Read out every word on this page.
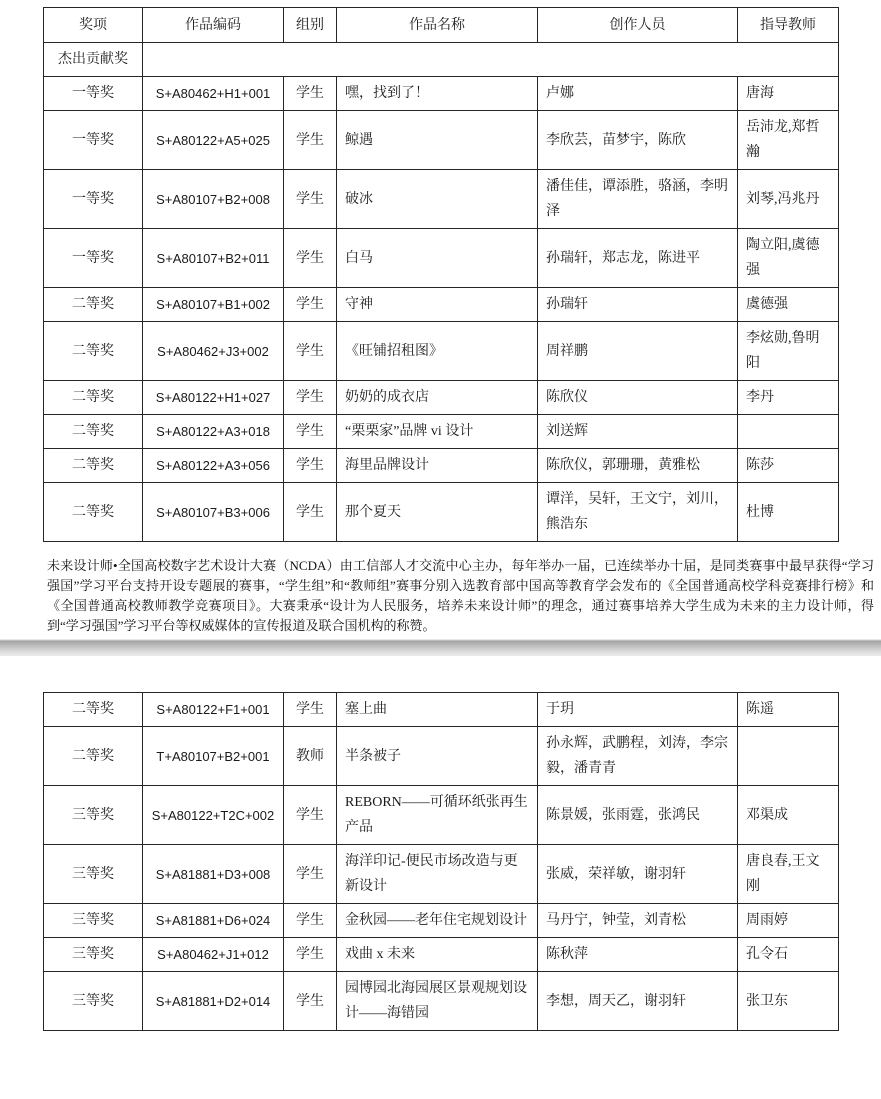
奖项	作品编码	组别	作品名称	创作人员	指导教师
杰出贡献奖					
一等奖	S+A80462+H1+001	学生	嘿，找到了！	卢娜	唐海
一等奖	S+A80122+A5+025	学生	鲸遇	李欣芸，苗梦宇，陈欣	岳沛龙,郑哲瀚
一等奖	S+A80107+B2+008	学生	破冰	潘佳佳，谭添胜，骆涵，李明泽	刘琴,冯兆丹
一等奖	S+A80107+B2+011	学生	白马	孙瑞轩，郑志龙，陈进平	陶立阳,虞德强
二等奖	S+A80107+B1+002	学生	守神	孙瑞轩	虞德强
二等奖	S+A80462+J3+002	学生	《旺铺招租图》	周祥鹏	李炫勋,鲁明阳
二等奖	S+A80122+H1+027	学生	奶奶的成衣店	陈欣仪	李丹
二等奖	S+A80122+A3+018	学生	“栗栗家”品牌 vi 设计	刘送辉	
二等奖	S+A80122+A3+056	学生	海里品牌设计	陈欣仪，郭珊珊，黄雅松	陈莎
二等奖	S+A80107+B3+006	学生	那个夏天	谭洋，吴轩，王文宁，刘川，熊浩东	杜博

未来设计师•全国高校数字艺术设计大赛（NCDA）由工信部人才交流中心主办，每年举办一届，已连续举办十届，是同类赛事中最早获得“学习强国”学习平台支持开设专题展的赛事，“学生组”和“教师组”赛事分别入选教育部中国高等教育学会发布的《全国普通高校学科竞赛排行榜》和《全国普通高校教师教学竞赛项目》。大赛秉承“设计为人民服务，培养未来设计师”的理念，通过赛事培养大学生成为未来的主力设计师，得到“学习强国”学习平台等权威媒体的宣传报道及联合国机构的称赞。

二等奖	S+A80122+F1+001	学生	塞上曲	于玥	陈遥
二等奖	T+A80107+B2+001	教师	半条被子	孙永辉，武鹏程，刘涛，李宗毅，潘青青	
三等奖	S+A80122+T2C+002	学生	REBORN——可循环纸张再生产品	陈景媛，张雨霆，张鸿民	邓渠成
三等奖	S+A81881+D3+008	学生	海洋印记-便民市场改造与更新设计	张威，荣祥敏，谢羽轩	唐良春,王文刚
三等奖	S+A81881+D6+024	学生	金秋园——老年住宅规划设计	马丹宁，钟莹，刘青松	周雨婷
三等奖	S+A80462+J1+012	学生	戏曲 x 未来	陈秋萍	孔令石
三等奖	S+A81881+D2+014	学生	园博园北海园展区景观规划设计——海错园	李想，周天乙，谢羽轩	张卫东
